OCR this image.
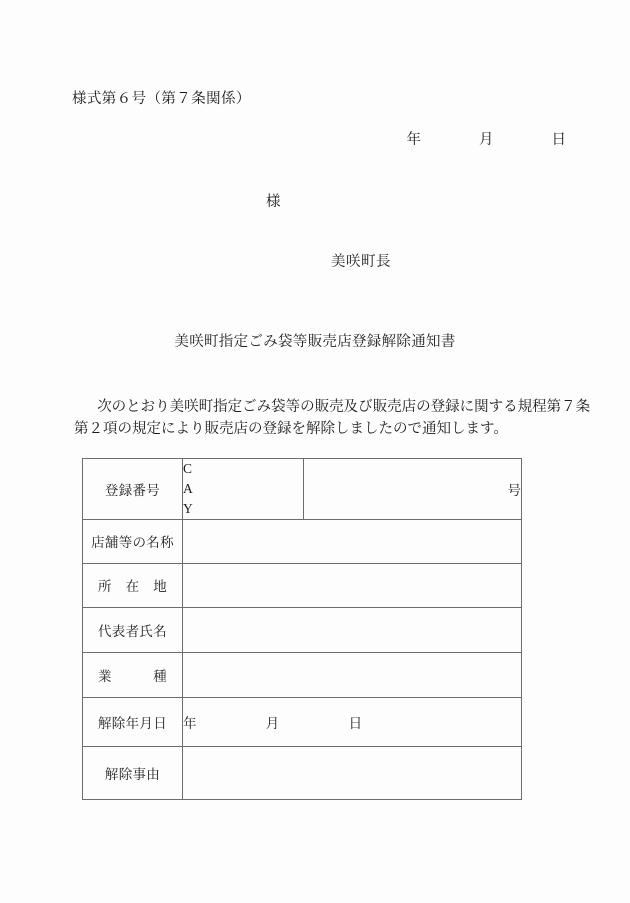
様式第６号（第７条関係）
年　　　　月　　　　日
様
美咲町長
美咲町指定ごみ袋等販売店登録解除通知書
次のとおり美咲町指定ごみ袋等の販売及び販売店の登録に関する規程第７条
第２項の規定により販売店の登録を解除しましたので通知します。
登録番号	C
A
Y	号
店舗等の名称		
所　在　地		
代表者氏名		
業　　　種		
解除年月日	年　　　　　月　　　　　日	
解除事由		
